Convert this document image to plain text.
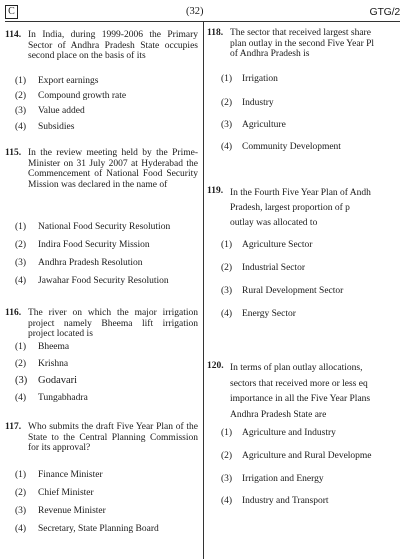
C	(32)	GTG/2
114. In India, during 1999-2006 the Primary Sector of Andhra Pradesh State occupies second place on the basis of its
(1) Export earnings
(2) Compound growth rate
(3) Value added
(4) Subsidies
115. In the review meeting held by the Prime-Minister on 31 July 2007 at Hyderabad the Commencement of National Food Security Mission was declared in the name of
(1) National Food Security Resolution
(2) Indira Food Security Mission
(3) Andhra Pradesh Resolution
(4) Jawahar Food Security Resolution
116. The river on which the major irrigation project namely Bheema lift irrigation project located is
(1) Bheema
(2) Krishna
(3) Godavari
(4) Tungabhadra
117. Who submits the draft Five Year Plan of the State to the Central Planning Commission for its approval?
(1) Finance Minister
(2) Chief Minister
(3) Revenue Minister
(4) Secretary, State Planning Board
118. The sector that received largest share
plan outlay in the second Five Year Pl
of Andhra Pradesh is
(1) Irrigation
(2) Industry
(3) Agriculture
(4) Community Development
119. In the Fourth Five Year Plan of Andh
Pradesh, largest proportion of p
outlay was allocated to
(1) Agriculture Sector
(2) Industrial Sector
(3) Rural Development Sector
(4) Energy Sector
120. In terms of plan outlay allocations,
sectors that received more or less eq
importance in all the Five Year Plans
Andhra Pradesh State are
(1) Agriculture and Industry
(2) Agriculture and Rural Developme
(3) Irrigation and Energy
(4) Industry and Transport
